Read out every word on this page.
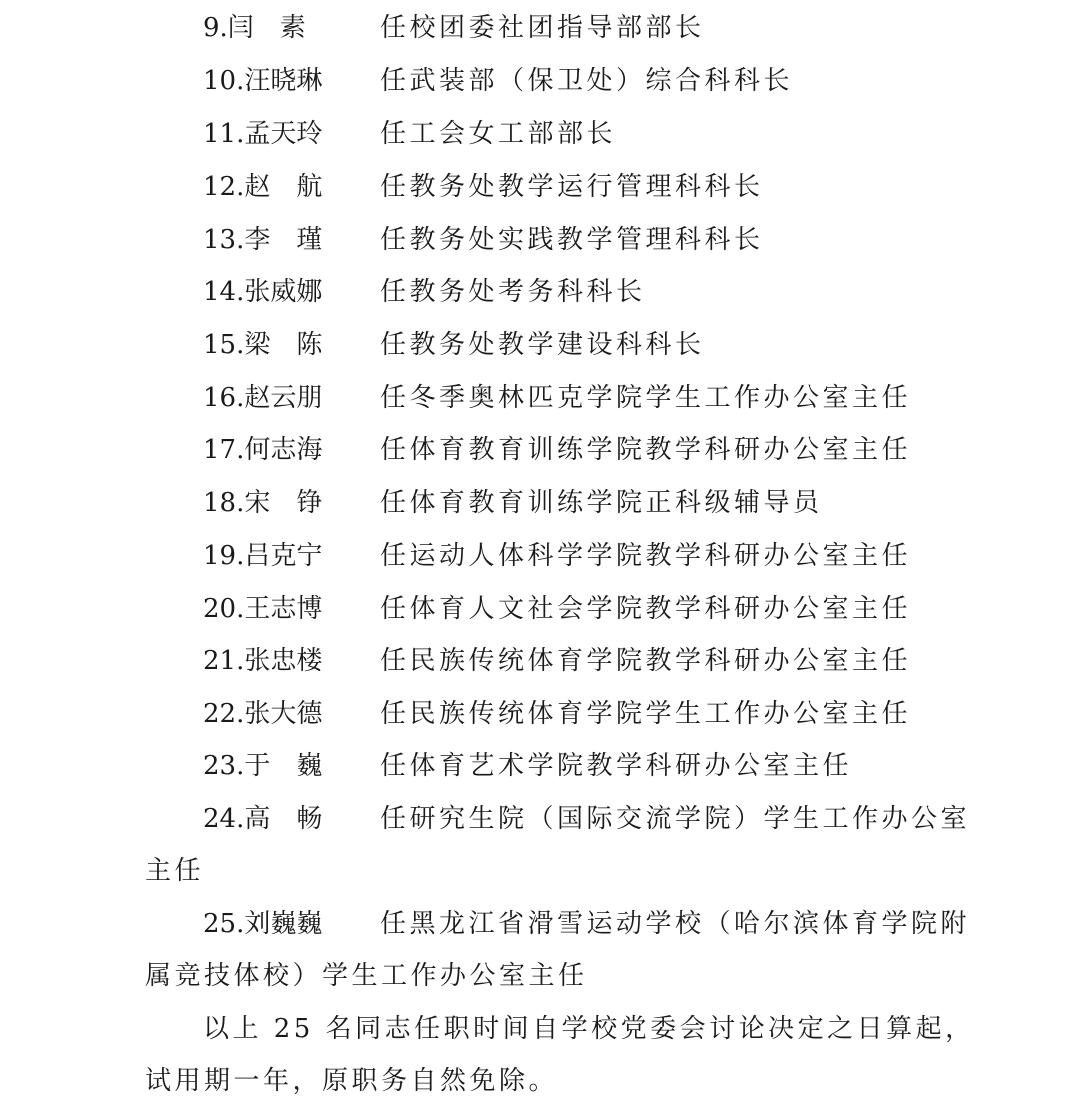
9.闫　素	任校团委社团指导部部长
10.汪晓琳 任武装部（保卫处）综合科科长
11.孟天玲 任工会女工部部长
12.赵　航 任教务处教学运行管理科科长
13.李　瑾 任教务处实践教学管理科科长
14.张威娜 任教务处考务科科长
15.梁　陈 任教务处教学建设科科长
16.赵云朋 任冬季奥林匹克学院学生工作办公室主任
17.何志海 任体育教育训练学院教学科研办公室主任
18.宋　铮 任体育教育训练学院正科级辅导员
19.吕克宁 任运动人体科学学院教学科研办公室主任
20.王志博 任体育人文社会学院教学科研办公室主任
21.张忠楼 任民族传统体育学院教学科研办公室主任
22.张大德 任民族传统体育学院学生工作办公室主任
23.于　巍 任体育艺术学院教学科研办公室主任
24.高　畅 任研究生院（国际交流学院）学生工作办公室
主任
25.刘巍巍 任黑龙江省滑雪运动学校（哈尔滨体育学院附
属竞技体校）学生工作办公室主任
以上 25 名同志任职时间自学校党委会讨论决定之日算起，
试用期一年，原职务自然免除。
